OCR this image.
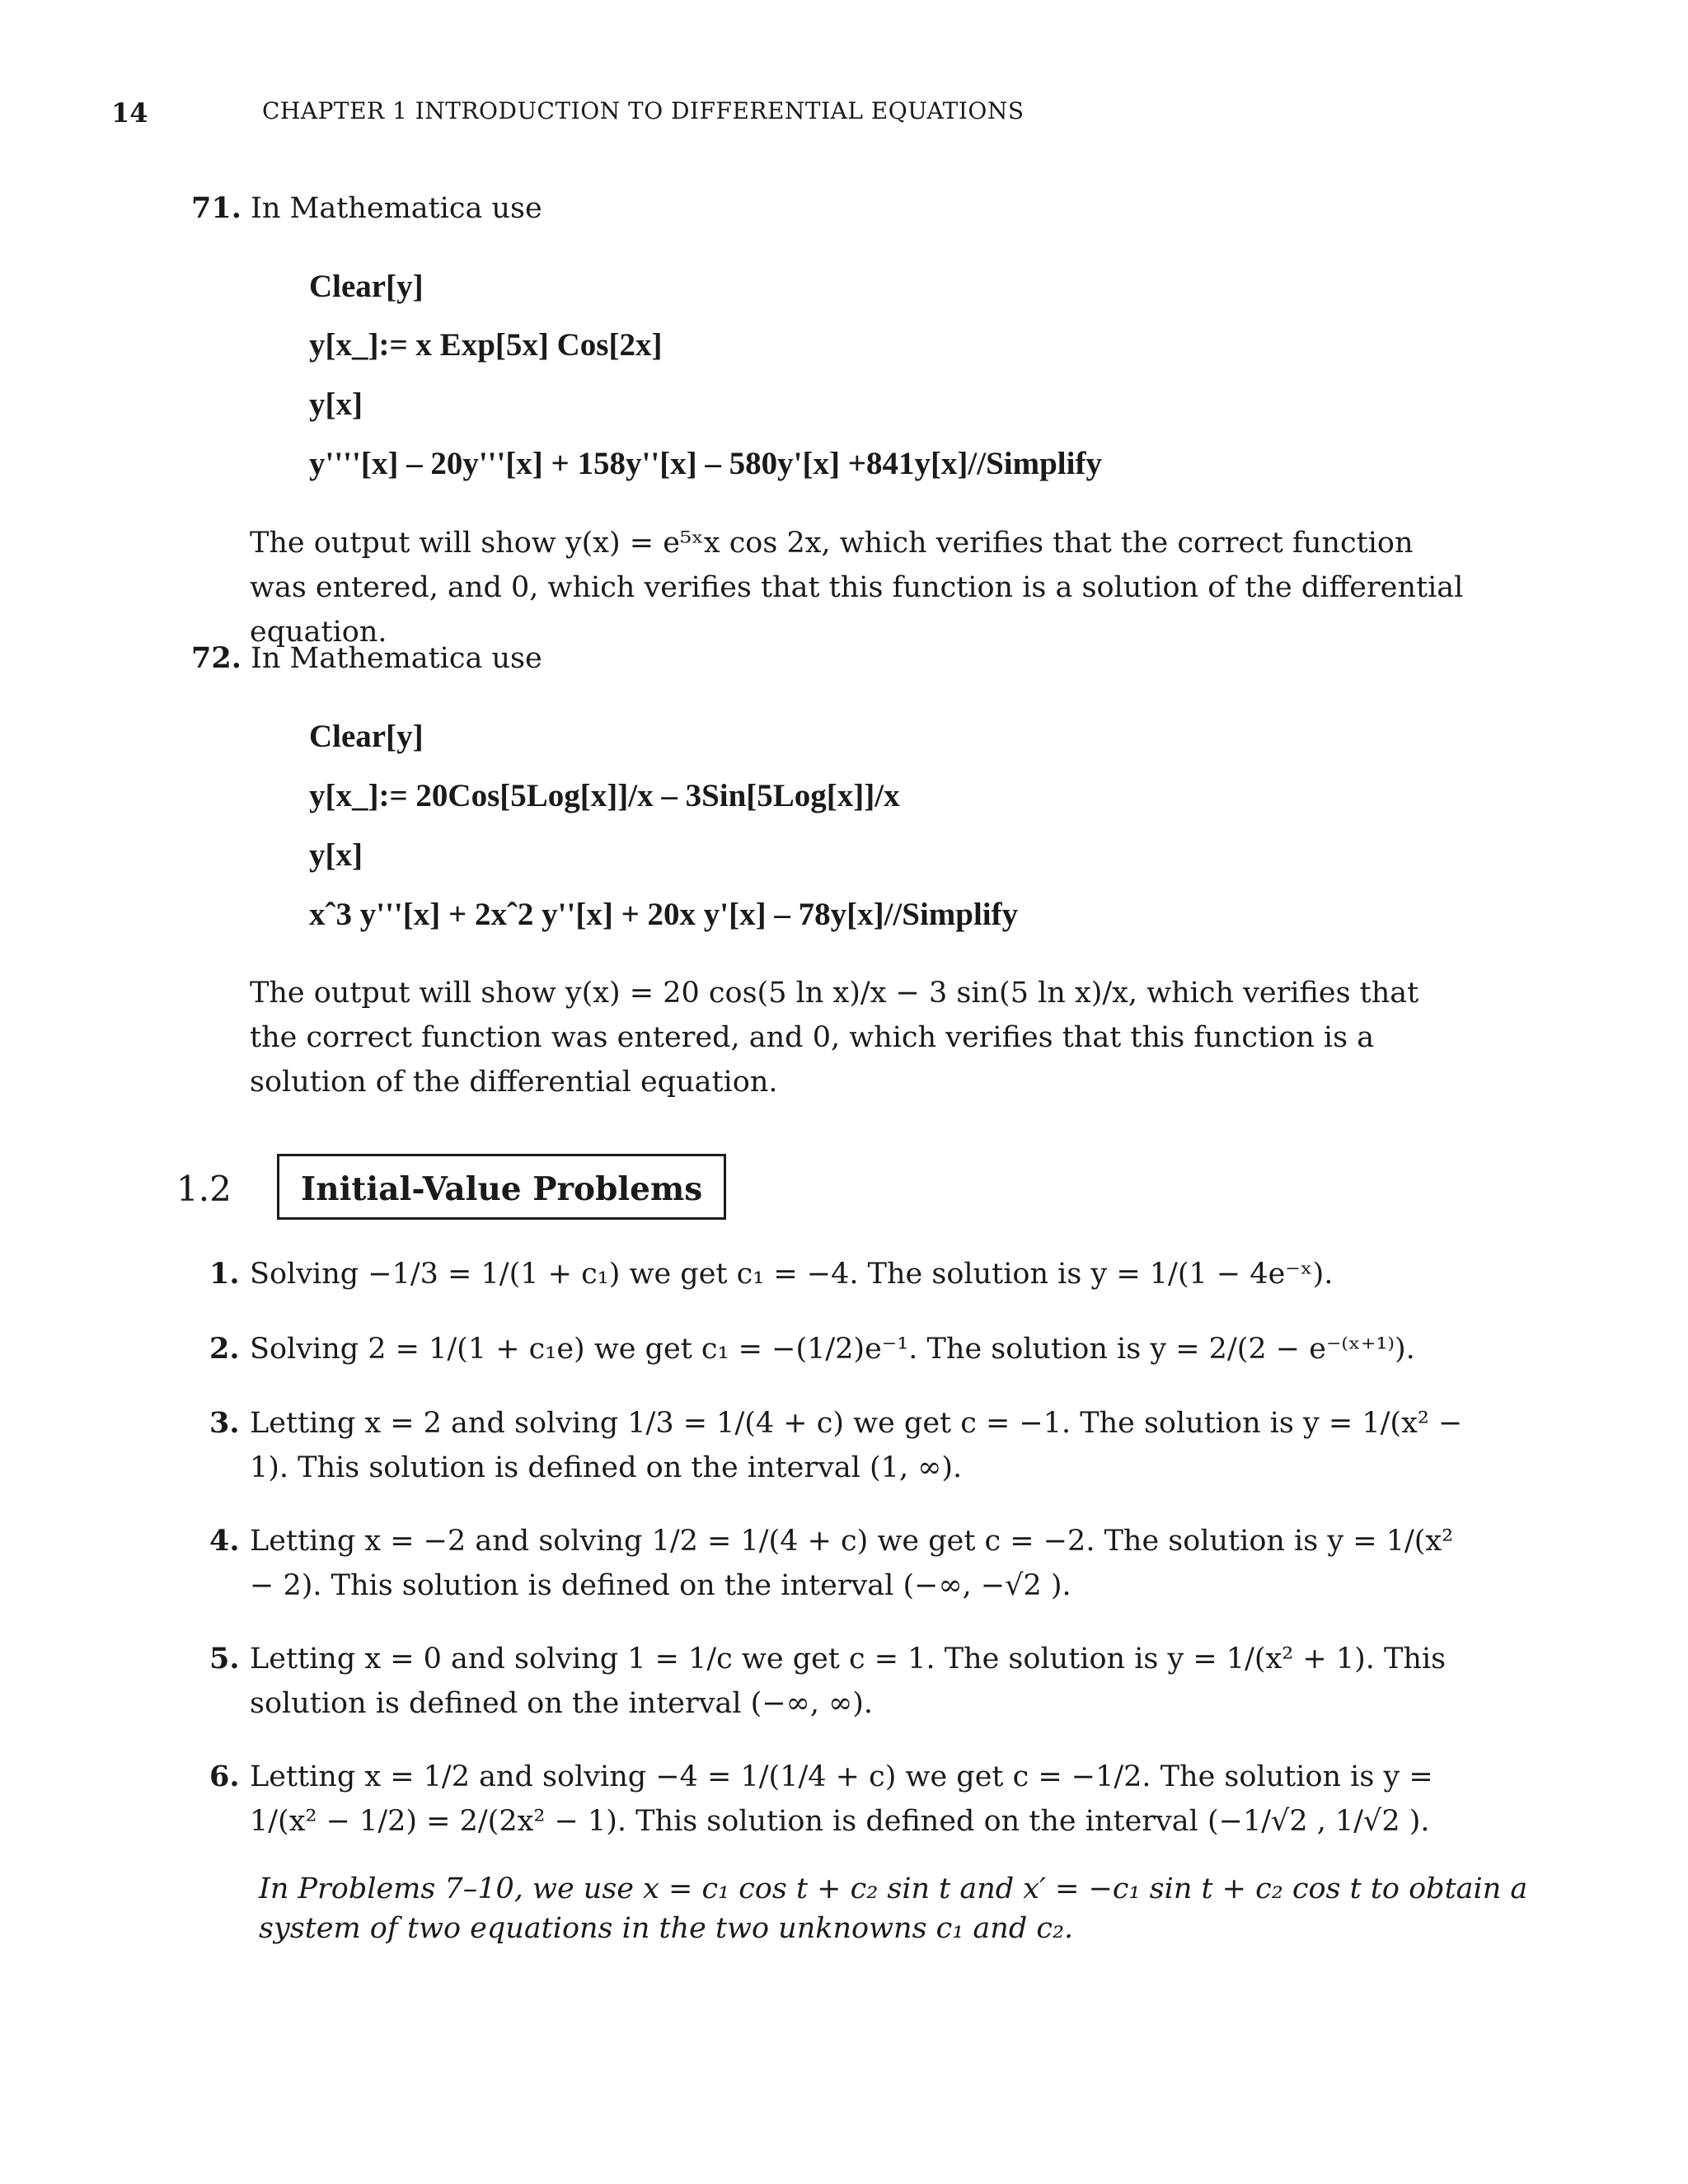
14	CHAPTER 1 INTRODUCTION TO DIFFERENTIAL EQUATIONS
71. In Mathematica use
Clear[y]
y[x_]:= x Exp[5x] Cos[2x]
y[x]
y''''[x] – 20y'''[x] + 158y''[x] – 580y'[x] +841y[x]//Simplify
The output will show y(x) = e⁵ˣx cos 2x, which verifies that the correct function was entered, and 0, which verifies that this function is a solution of the differential equation.
72. In Mathematica use
Clear[y]
y[x_]:= 20Cos[5Log[x]]/x – 3Sin[5Log[x]]/x
y[x]
xˆ3 y'''[x] + 2xˆ2 y''[x] + 20x y'[x] – 78y[x]//Simplify
The output will show y(x) = 20 cos(5 ln x)/x − 3 sin(5 ln x)/x, which verifies that the correct function was entered, and 0, which verifies that this function is a solution of the differential equation.
1.2	Initial-Value Problems
1. Solving −1/3 = 1/(1 + c₁) we get c₁ = −4. The solution is y = 1/(1 − 4e⁻ˣ).
2. Solving 2 = 1/(1 + c₁e) we get c₁ = −(1/2)e⁻¹. The solution is y = 2/(2 − e⁻⁽ˣ⁺¹⁾).
3. Letting x = 2 and solving 1/3 = 1/(4 + c) we get c = −1. The solution is y = 1/(x² − 1). This solution is defined on the interval (1, ∞).
4. Letting x = −2 and solving 1/2 = 1/(4 + c) we get c = −2. The solution is y = 1/(x² − 2). This solution is defined on the interval (−∞, −√2 ).
5. Letting x = 0 and solving 1 = 1/c we get c = 1. The solution is y = 1/(x² + 1). This solution is defined on the interval (−∞, ∞).
6. Letting x = 1/2 and solving −4 = 1/(1/4 + c) we get c = −1/2. The solution is y = 1/(x² − 1/2) = 2/(2x² − 1). This solution is defined on the interval (−1/√2 , 1/√2 ).
In Problems 7–10, we use x = c₁ cos t + c₂ sin t and x′ = −c₁ sin t + c₂ cos t to obtain a system of two equations in the two unknowns c₁ and c₂.
